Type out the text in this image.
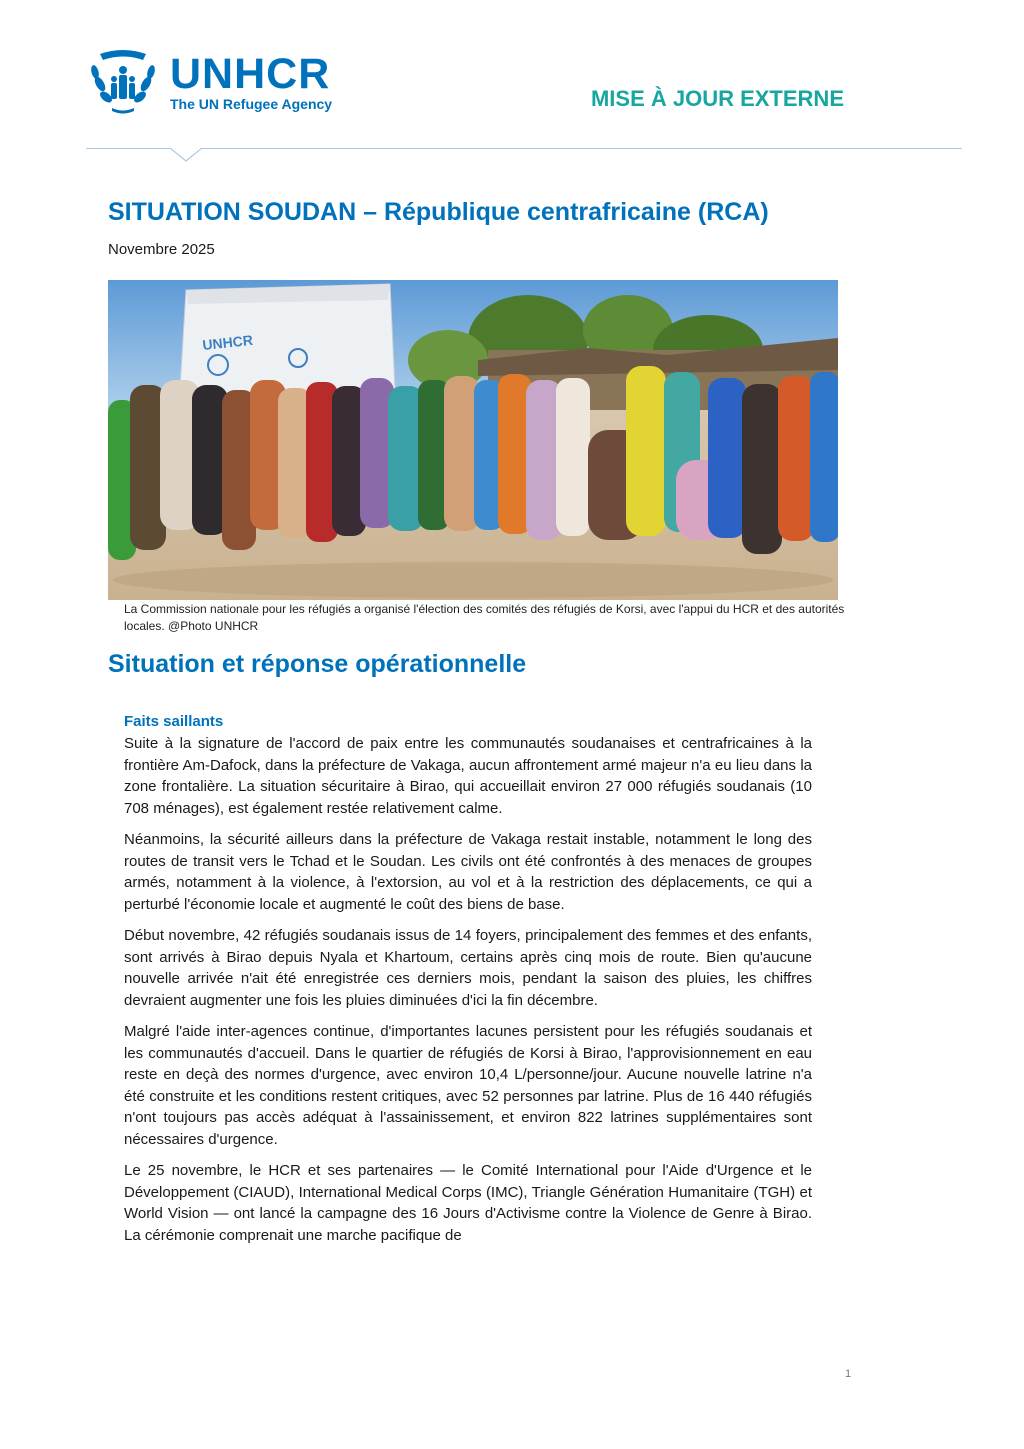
UNHCR
The UN Refugee Agency	MISE À JOUR EXTERNE
SITUATION SOUDAN – République centrafricaine (RCA)
Novembre 2025
UNHCR
La Commission nationale pour les réfugiés a organisé l'élection des comités des réfugiés de Korsi, avec l'appui du HCR et des autorités locales. @Photo UNHCR
Situation et réponse opérationnelle
Faits saillants

Suite à la signature de l'accord de paix entre les communautés soudanaises et centrafricaines à la frontière Am-Dafock, dans la préfecture de Vakaga, aucun affrontement armé majeur n'a eu lieu dans la zone frontalière. La situation sécuritaire à Birao, qui accueillait environ 27 000 réfugiés soudanais (10 708 ménages), est également restée relativement calme.

Néanmoins, la sécurité ailleurs dans la préfecture de Vakaga restait instable, notamment le long des routes de transit vers le Tchad et le Soudan. Les civils ont été confrontés à des menaces de groupes armés, notamment à la violence, à l'extorsion, au vol et à la restriction des déplacements, ce qui a perturbé l'économie locale et augmenté le coût des biens de base.

Début novembre, 42 réfugiés soudanais issus de 14 foyers, principalement des femmes et des enfants, sont arrivés à Birao depuis Nyala et Khartoum, certains après cinq mois de route. Bien qu'aucune nouvelle arrivée n'ait été enregistrée ces derniers mois, pendant la saison des pluies, les chiffres devraient augmenter une fois les pluies diminuées d'ici la fin décembre.

Malgré l'aide inter-agences continue, d'importantes lacunes persistent pour les réfugiés soudanais et les communautés d'accueil. Dans le quartier de réfugiés de Korsi à Birao, l'approvisionnement en eau reste en deçà des normes d'urgence, avec environ 10,4 L/personne/jour. Aucune nouvelle latrine n'a été construite et les conditions restent critiques, avec 52 personnes par latrine. Plus de 16 440 réfugiés n'ont toujours pas accès adéquat à l'assainissement, et environ 822 latrines supplémentaires sont nécessaires d'urgence.

Le 25 novembre, le HCR et ses partenaires — le Comité International pour l'Aide d'Urgence et le Développement (CIAUD), International Medical Corps (IMC), Triangle Génération Humanitaire (TGH) et World Vision — ont lancé la campagne des 16 Jours d'Activisme contre la Violence de Genre à Birao. La cérémonie comprenait une marche pacifique de

1
